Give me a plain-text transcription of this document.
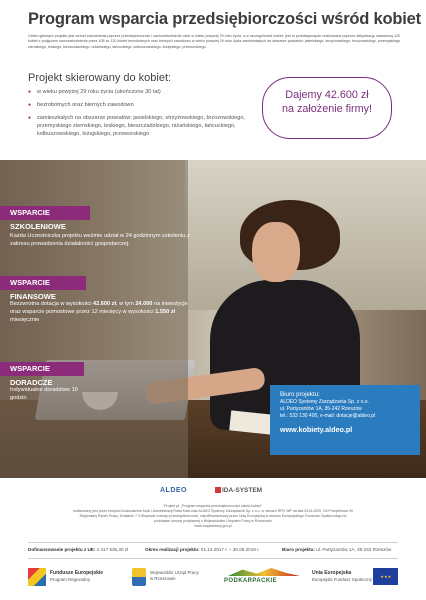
Program wsparcia przedsiębiorczości wśród kobiet
Celem głównym projektu jest wzrost zatrudnienia poprzez przedsiębiorczość i samozatrudnienie osób w wieku powyżej 29 roku życia, a w szczególności kobiet; jest to przedsięwzięcie realizowane poprzez aktywizację zawodową 120 kobiet z podjęciem samozatrudnienia przez 108 ze 120 kobiet bezrobotnych oraz biernych zawodowo w wieku powyżej 29 roku życia zamieszkałych na obszarze powiatów: jasielskiego, strzyżowskiego, brzozowskiego, przemyskiego ziemskiego, leskiego, bieszczadzkiego, niżańskiego, łańcuckiego, kolbuszowskiego, leżajskiego, przeworskiego.
Projekt skierowany do kobiet:
● w wieku powyżej 29 roku życia (ukończone 30 lat)
● bezrobotnych oraz biernych zawodowo
● zamieszkałych na obszarze powiatów: jasielskiego, strzyżowskiego, brzozowskiego, przemyskiego ziemskiego, leskiego, bieszczadzkiego, niżańskiego, łańcuckiego, kolbuszowskiego, leżajskiego, przeworskiego
Dajemy 42.600 zł
na założenie firmy!
WSPARCIE SZKOLENIOWE
Każda Uczestniczka projektu weźmie udział w 24 godzinnym szkoleniu z zakresu prowadzenia działalności gospodarczej.
WSPARCIE FINANSOWE
Bezzwrotna dotacja w wysokości 42.600 zł, w tym 24.000 na inwestycje oraz wsparcie pomostowe przez 12 miesięcy w wysokości 1.550 zł miesięcznie
WSPARCIE DORADCZE
Indywidualne doradztwo 10 godzin	Biuro projektu:
ALDEO Systemy Zarządzania Sp. z o.o.
ul. Partyzantów 1A, 35-242 Rzeszów
tel.: 533 130 400, e-mail: dotacje@aldeo.pl
www.kobiety.aldeo.pl
ALDEO	IDA-SYSTEM
Projekt pt. „Program wsparcia przedsiębiorczości wśród kobiet"
realizowany jest przez Instytut Doskonalenia Kadr i Administracji Rafał Kata oraz ALDEO Systemy Zarządzania Sp. z o.o. w ramach RPO WP na lata 2014-2020, Oś Priorytetowa VII
Regionalny Rynek Pracy, Działanie 7.3 Wsparcie rozwoju przedsiębiorczości, współfinansowany przez Unię Europejską w ramach Europejskiego Funduszu Społecznego na
podstawie umowy podpisanej z Wojewódzkim Urzędem Pracy w Rzeszowie
www.mapadotacji.gov.pl
Dofinansowanie projektu z UE: 4 417 635,30 zł	Okres realizacji projektu: 01.12.2017 r. – 30.06.2019 r.	Biuro projektu: ul. Partyzantów 1A, 35-242 Rzeszów
Fundusze Europejskie
Program Regionalny
Wojewódzki Urząd Pracy
w Rzeszowie	PODKARPACKIE
Unia Europejska
Europejski Fundusz Społeczny	★ ★ ★
